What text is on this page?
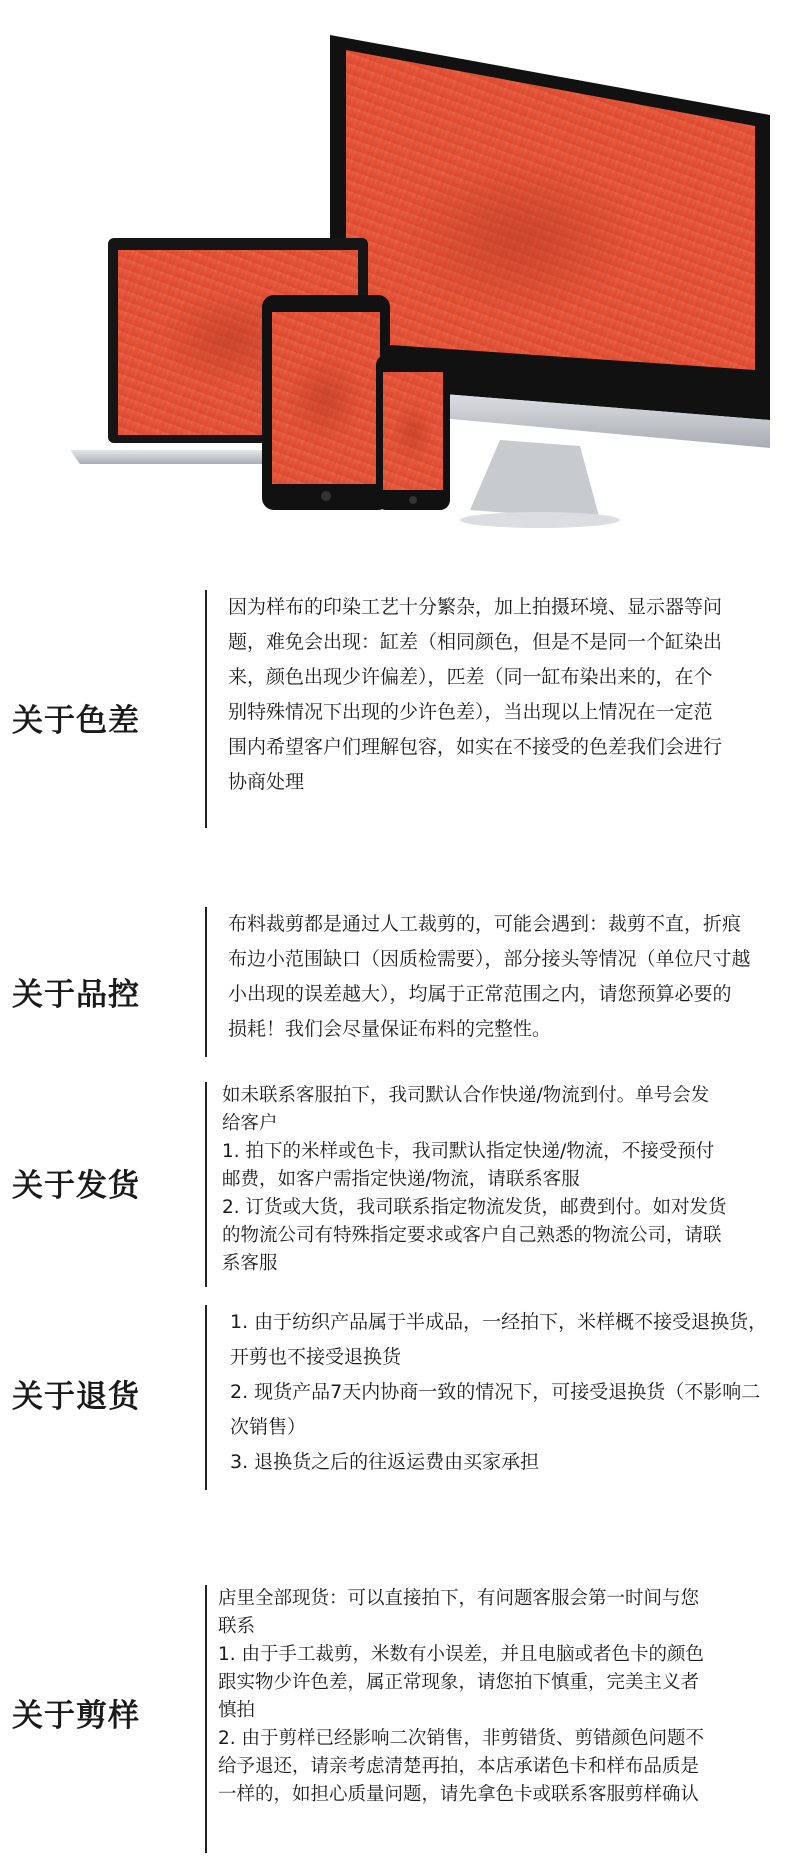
关于色差

因为样布的印染工艺十分繁杂，加上拍摄环境、显示器等问

题，难免会出现：缸差（相同颜色，但是不是同一个缸染出

来，颜色出现少许偏差），匹差（同一缸布染出来的，在个

别特殊情况下出现的少许色差），当出现以上情况在一定范

围内希望客户们理解包容，如实在不接受的色差我们会进行

协商处理

关于品控

布料裁剪都是通过人工裁剪的，可能会遇到：裁剪不直，折痕

布边小范围缺口（因质检需要），部分接头等情况（单位尺寸越

小出现的误差越大），均属于正常范围之内，请您预算必要的

损耗！我们会尽量保证布料的完整性。

关于发货

如未联系客服拍下，我司默认合作快递/物流到付。单号会发

给客户

1. 拍下的米样或色卡，我司默认指定快递/物流，不接受预付

邮费，如客户需指定快递/物流，请联系客服

2. 订货或大货，我司联系指定物流发货，邮费到付。如对发货

的物流公司有特殊指定要求或客户自己熟悉的物流公司，请联

系客服

关于退货

1. 由于纺织产品属于半成品，一经拍下，米样概不接受退换货，

开剪也不接受退换货

2. 现货产品7天内协商一致的情况下，可接受退换货（不影响二

次销售）

3. 退换货之后的往返运费由买家承担

关于剪样

店里全部现货：可以直接拍下，有问题客服会第一时间与您

联系

1. 由于手工裁剪，米数有小误差，并且电脑或者色卡的颜色

跟实物少许色差，属正常现象，请您拍下慎重，完美主义者

慎拍

2. 由于剪样已经影响二次销售，非剪错货、剪错颜色问题不

给予退还，请亲考虑清楚再拍，本店承诺色卡和样布品质是

一样的，如担心质量问题，请先拿色卡或联系客服剪样确认
